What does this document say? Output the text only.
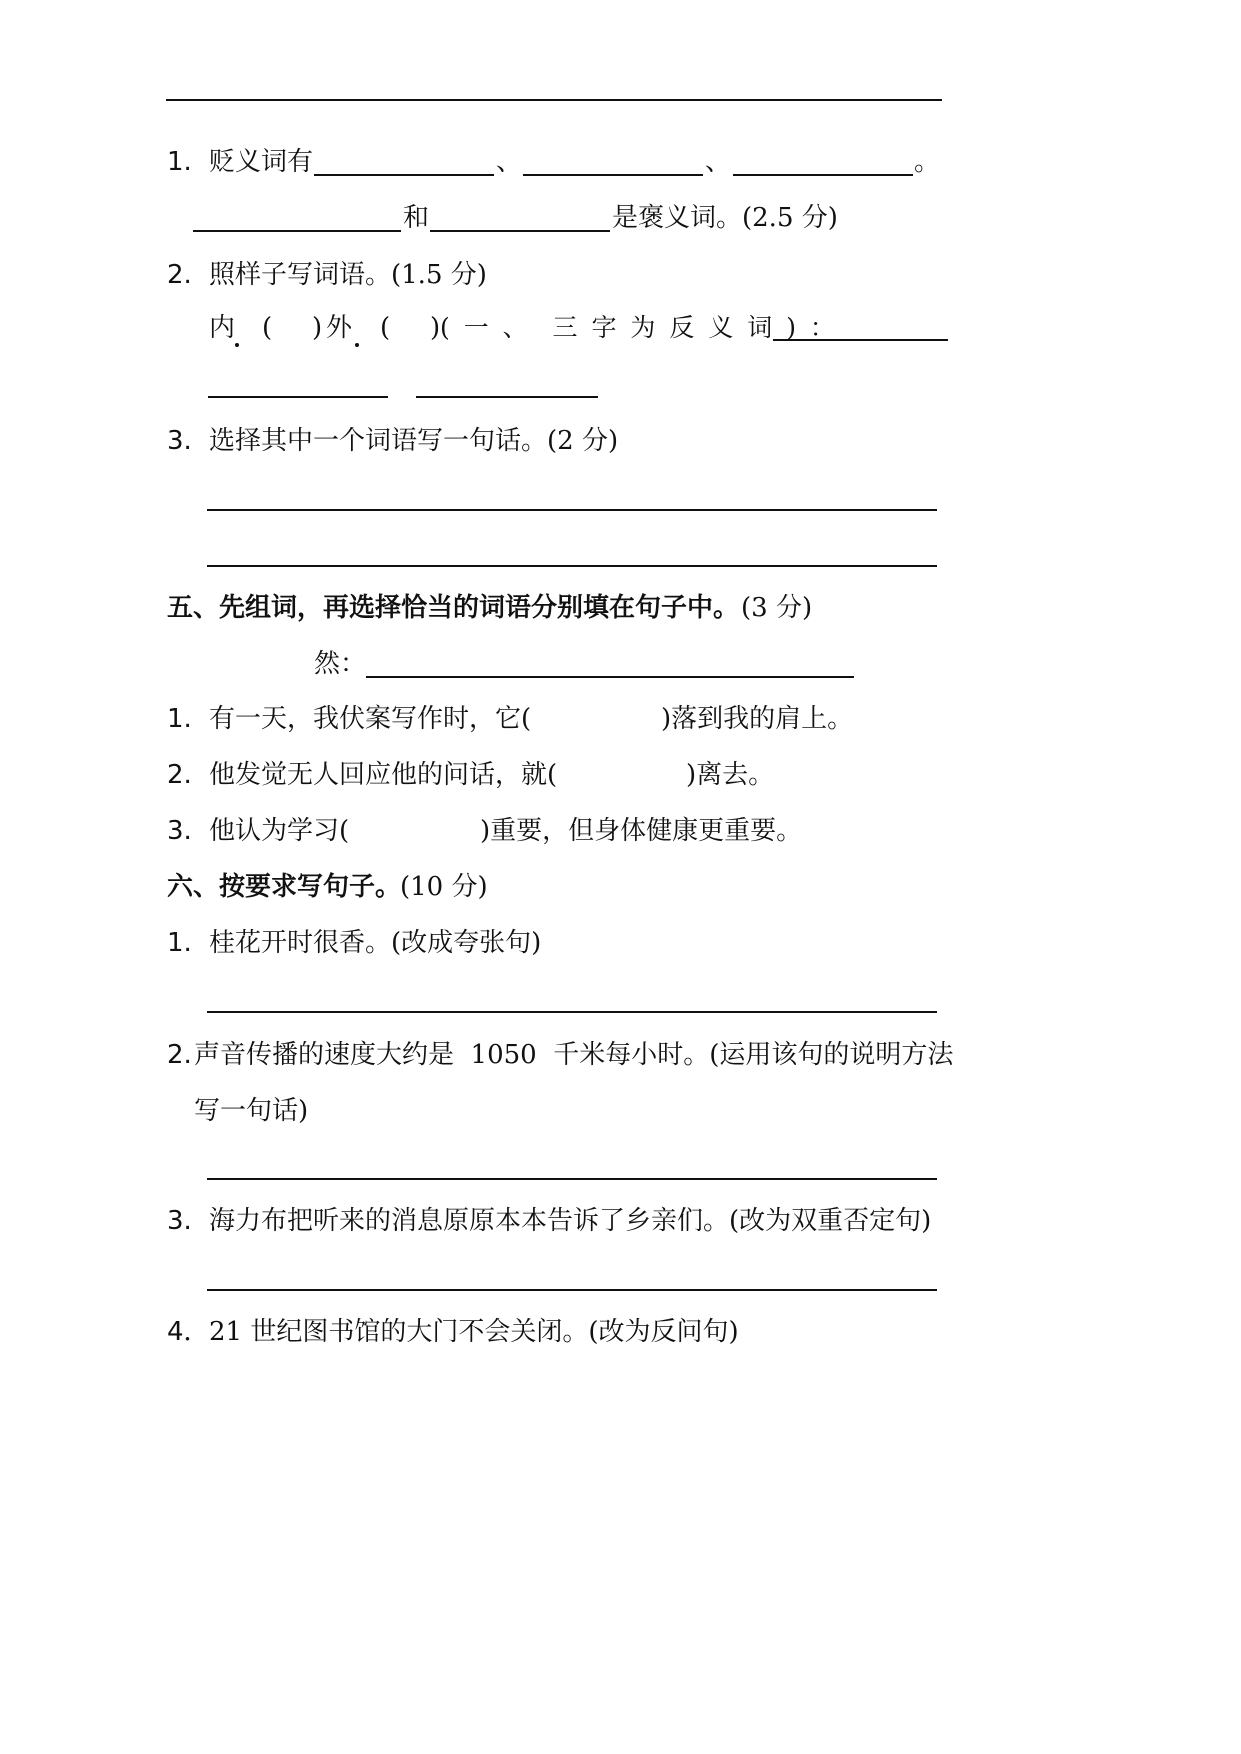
1. 贬义词有	、	、	。
和	是褒义词。(2.5 分)
2. 照样子写词语。(1.5 分)
内 ( ) 外 ( ) ( 一 、  三 字 为 反 义 词 ) ：
3. 选择其中一个词语写一句话。(2 分)
五、先组词，再选择恰当的词语分别填在句子中。 (3 分)
然：
1. 有一天，我伏案写作时，它(	)落到我的肩上。
2. 他发觉无人回应他的问话，就(	)离去。
3. 他认为学习(	)重要，但身体健康更重要。
六、按要求写句子。
(10 分)
1. 桂花开时很香。(改成夸张句)
2. 声音传播的速度大约是  1050  千米每小时。(运用该句的说明方法
写一句话)
3. 海力布把听来的消息原原本本告诉了乡亲们。(改为双重否定句)
4． 21 世纪图书馆的大门不会关闭。(改为反问句)
